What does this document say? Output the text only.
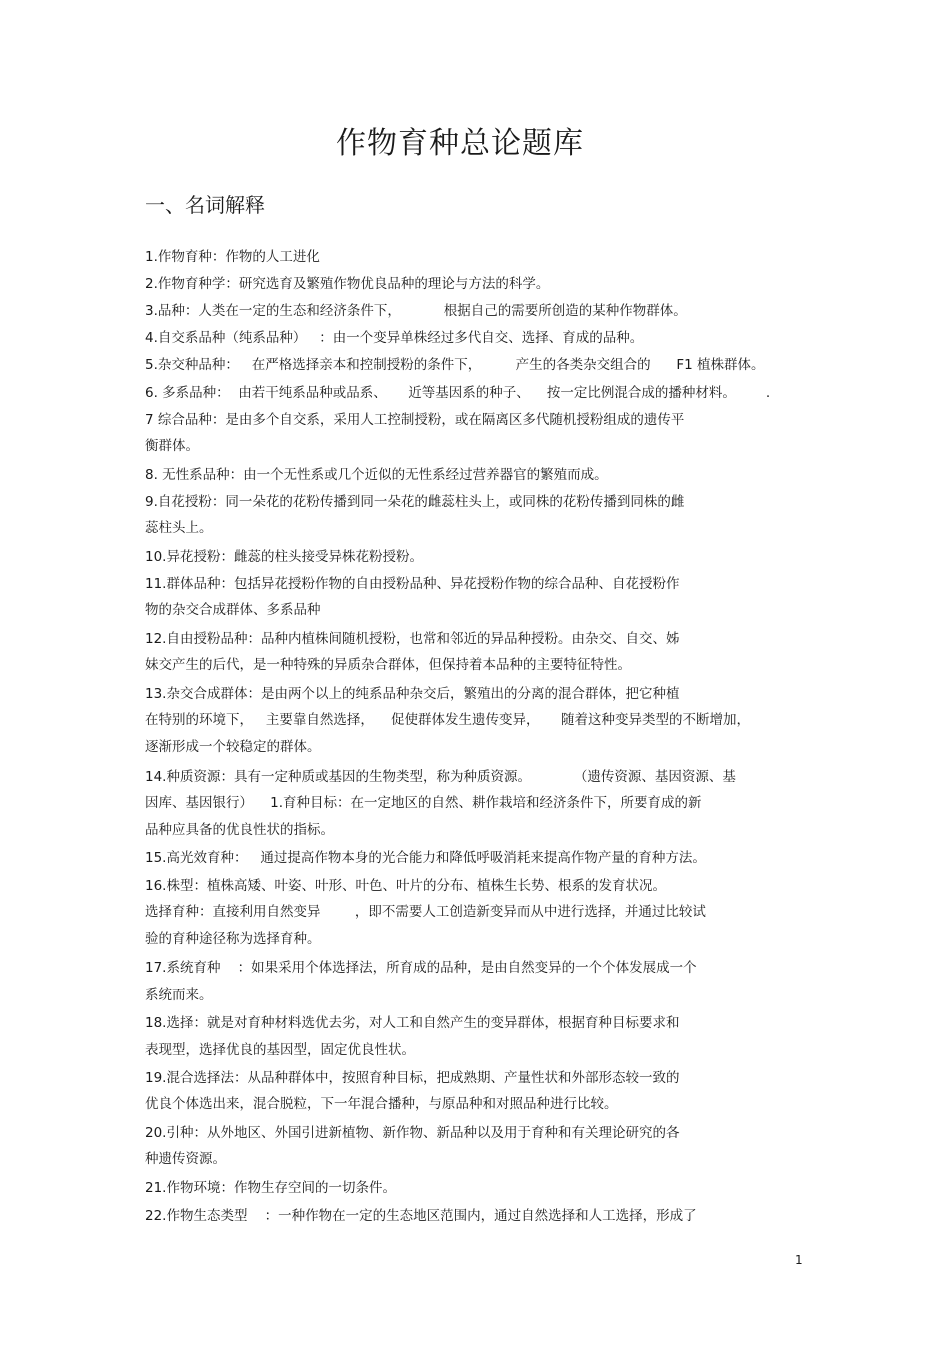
作物育种总论题库
一、名词解释
1.作物育种：作物的人工进化
2.作物育种学：研究选育及繁殖作物优良品种的理论与方法的科学。
3.品种：人类在一定的生态和经济条件下，          根据自己的需要所创造的某种作物群体。
4.自交系品种（纯系品种）   ：由一个变异单株经过多代自交、选择、育成的品种。
5.杂交种品种：   在严格选择亲本和控制授粉的条件下，        产生的各类杂交组合的      F1 植株群体。
6. 多系品种：  由若干纯系品种或品系、     近等基因系的种子、    按一定比例混合成的播种材料。       .
7 综合品种：是由多个自交系，采用人工控制授粉，或在隔离区多代随机授粉组成的遗传平
衡群体。
8. 无性系品种：由一个无性系或几个近似的无性系经过营养器官的繁殖而成。
9.自花授粉：同一朵花的花粉传播到同一朵花的雌蕊柱头上，或同株的花粉传播到同株的雌
蕊柱头上。
10.异花授粉：雌蕊的柱头接受异株花粉授粉。
11.群体品种：包括异花授粉作物的自由授粉品种、异花授粉作物的综合品种、自花授粉作
物的杂交合成群体、多系品种
12.自由授粉品种：品种内植株间随机授粉，也常和邻近的异品种授粉。由杂交、自交、姊
妹交产生的后代，是一种特殊的异质杂合群体，但保持着本品种的主要特征特性。
13.杂交合成群体：是由两个以上的纯系品种杂交后，繁殖出的分离的混合群体，把它种植
在特别的环境下，   主要靠自然选择，    促使群体发生遗传变异，     随着这种变异类型的不断增加，
逐渐形成一个较稳定的群体。
14.种质资源：具有一定种质或基因的生物类型，称为种质资源。          （遗传资源、基因资源、基
因库、基因银行）    1.育种目标：在一定地区的自然、耕作栽培和经济条件下，所要育成的新
品种应具备的优良性状的指标。
15.高光效育种：   通过提高作物本身的光合能力和降低呼吸消耗来提高作物产量的育种方法。
16.株型：植株高矮、叶姿、叶形、叶色、叶片的分布、植株生长势、根系的发育状况。
选择育种：直接利用自然变异        ，即不需要人工创造新变异而从中进行选择，并通过比较试
验的育种途径称为选择育种。
17.系统育种    ：如果采用个体选择法，所育成的品种，是由自然变异的一个个体发展成一个
系统而来。
18.选择：就是对育种材料选优去劣，对人工和自然产生的变异群体，根据育种目标要求和
表现型，选择优良的基因型，固定优良性状。
19.混合选择法：从品种群体中，按照育种目标，把成熟期、产量性状和外部形态较一致的
优良个体选出来，混合脱粒，下一年混合播种，与原品种和对照品种进行比较。
20.引种：从外地区、外国引进新植物、新作物、新品种以及用于育种和有关理论研究的各
种遗传资源。
21.作物环境：作物生存空间的一切条件。
22.作物生态类型    ：一种作物在一定的生态地区范围内，通过自然选择和人工选择，形成了
1
